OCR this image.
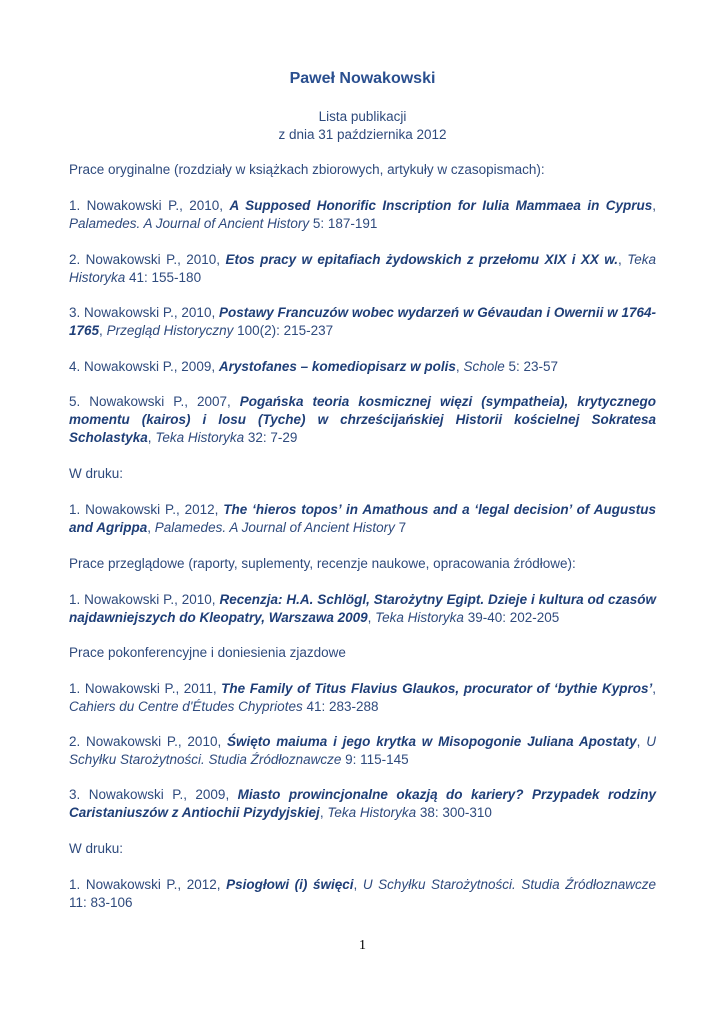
Paweł Nowakowski
Lista publikacji
z dnia 31 października 2012
Prace oryginalne (rozdziały w książkach zbiorowych, artykuły w czasopismach):
1. Nowakowski P., 2010, A Supposed Honorific Inscription for Iulia Mammaea in Cyprus, Palamedes. A Journal of Ancient History 5: 187-191
2. Nowakowski P., 2010, Etos pracy w epitafiach żydowskich z przełomu XIX i XX w., Teka Historyka 41: 155-180
3. Nowakowski P., 2010, Postawy Francuzów wobec wydarzeń w Gévaudan i Owernii w 1764-1765, Przegląd Historyczny 100(2): 215-237
4. Nowakowski P., 2009, Arystofanes – komediopisarz w polis, Schole 5: 23-57
5. Nowakowski P., 2007, Pogańska teoria kosmicznej więzi (sympatheia), krytycznego momentu (kairos) i losu (Tyche) w chrześcijańskiej Historii kościelnej Sokratesa Scholastyka, Teka Historyka 32: 7-29
W druku:
1. Nowakowski P., 2012, The ‘hieros topos’ in Amathous and a ‘legal decision’ of Augustus and Agrippa, Palamedes. A Journal of Ancient History 7
Prace przeglądowe (raporty, suplementy, recenzje naukowe, opracowania źródłowe):
1. Nowakowski P., 2010, Recenzja: H.A. Schlögl, Starożytny Egipt. Dzieje i kultura od czasów najdawniejszych do Kleopatry, Warszawa 2009, Teka Historyka 39-40: 202-205
Prace pokonferencyjne i doniesienia zjazdowe
1. Nowakowski P., 2011, The Family of Titus Flavius Glaukos, procurator of ‘bythie Kypros’, Cahiers du Centre d'Études Chypriotes 41: 283-288
2. Nowakowski P., 2010, Święto maiuma i jego krytka w Misopogonie Juliana Apostaty, U Schyłku Starożytności. Studia Źródłoznawcze 9: 115-145
3. Nowakowski P., 2009, Miasto prowincjonalne okazją do kariery? Przypadek rodziny Caristaniuszów z Antiochii Pizydyjskiej, Teka Historyka 38: 300-310
W druku:
1. Nowakowski P., 2012, Psiogłowi (i) święci, U Schyłku Starożytności. Studia Źródłoznawcze 11: 83-106
1
